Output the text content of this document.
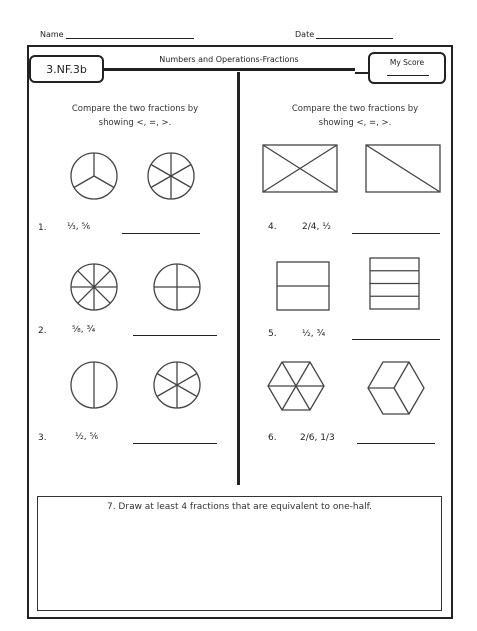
Name	Date
3.NF.3b
Numbers and Operations-Fractions	My Score
Compare the two fractions by
showing <, =, >.
Compare the two fractions by
showing <, =, >.
1. ⅓, ⅚
2.	⅝, ¾
3.	½, ⅚
4.	2/4, ½
5.	½, ¾
6.	2/6, 1/3
7. Draw at least 4 fractions that are equivalent to one-half.
